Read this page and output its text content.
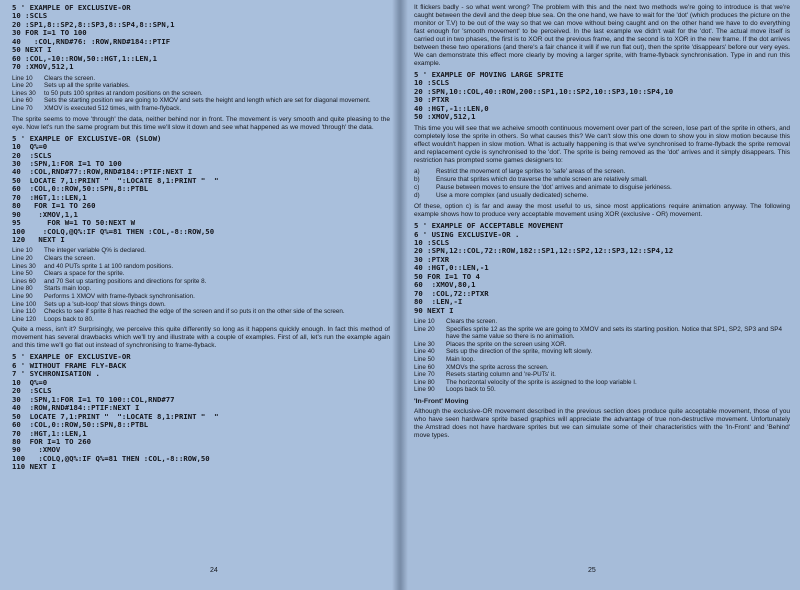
5 ' EXAMPLE OF EXCLUSIVE-OR
10 :SCLS
20 :SP1,8::SP2,8::SP3,8::SP4,8::SPN,1
30 FOR I=1 TO 100
40   :COL,RND#76: :ROW,RND#184::PTIF
50 NEXT I
60 :COL,-10::ROW,50::HGT,1::LEN,1
70 :XMOV,512,1
Line 10	Clears the screen.
Line 20	Sets up all the sprite variables.
Lines 30	to 50 puts 100 sprites at random positions on the screen.
Line 60	Sets the starting position we are going to XMOV and sets the height and length which are set for diagonal movement.
Line 70	XMOV is executed 512 times, with frame-flyback.

The sprite seems to move 'through' the data, neither behind nor in front. The movement is very smooth and quite pleasing to the eye. Now let's run the same program but this time we'll slow it down and see what happened as we moved 'through' the data.

5 ' EXAMPLE OF EXCLUSIVE-OR (SLOW)
10  Q%=0
20  :SCLS
30  :SPN,1:FOR I=1 TO 100
40  :COL,RND#77::ROW,RND#184::PTIF:NEXT I
50  LOCATE 7,1:PRINT "  ":LOCATE 8,1:PRINT "  "
60  :COL,0::ROW,50::SPN,8::PTBL
70  :HGT,1::LEN,1
80   FOR I=1 TO 260
90    :XMOV,1,1
95      FOR W=1 TO 50:NEXT W
100    :COLQ,@Q%:IF Q%=81 THEN :COL,-8::ROW,50
120   NEXT I
Line 10	The integer variable Q% is declared.
Line 20	Clears the screen.
Lines 30	and 40 PUTs sprite 1 at 100 random positions.
Line 50	Clears a space for the sprite.
Lines 60	and 70 Set up starting positions and directions for sprite 8.
Line 80	Starts main loop.
Line 90	Performs 1 XMOV with frame-flyback synchronisation.
Line 100	Sets up a 'sub-loop' that slows things down.
Line 110	Checks to see if sprite 8 has reached the edge of the screen and if so puts it on the other side of the screen.
Line 120	Loops back to 80.

Quite a mess, isn't it? Surprisingly, we perceive this quite differently so long as it happens quickly enough. In fact this method of movement has several drawbacks which we'll try and illustrate with a couple of examples. First of all, let's run the example again and this time we'll go flat out instead of synchronising to frame-flyback.

5 ' EXAMPLE OF EXCLUSIVE-OR
6 ' WITHOUT FRAME FLY-BACK
7 ' SYCHRONISATION .
10  Q%=0
20  :SCLS
30  :SPN,1:FOR I=1 TO 100::COL,RND#77
40  :ROW,RND#184::PTIF:NEXT I
50  LOCATE 7,1:PRINT "  ":LOCATE 8,1:PRINT "  "
60  :COL,0::ROW,50::SPN,8::PTBL
70  :HGT,1::LEN,1
80  FOR I=1 TO 260
90    :XMOV
100   :COLQ,@Q%:IF Q%=81 THEN :COL,-8::ROW,50
110 NEXT I
24

It flickers badly - so what went wrong? The problem with this and the next two methods we're going to introduce is that we're caught between the devil and the deep blue sea. On the one hand, we have to wait for the 'dot' (which produces the picture on the monitor or T.V) to be out of the way so that we can move without being caught and on the other hand we have to do everything fast enough for 'smooth movement' to be perceived. In the last example we didn't wait for the 'dot'. The actual move itself is carried out in two phases, the first is to XOR out the previous frame, and the second is to XOR in the new frame. If the dot arrives between these two operations (and there's a fair chance it will if we run flat out), then the sprite 'disappears' before our very eyes. We can demonstrate this effect more clearly by moving a larger sprite, with frame-flyback synchronisation. Type in and run this example.

5 ' EXAMPLE OF MOVING LARGE SPRITE
10 :SCLS
20 :SPN,10::COL,40::ROW,200::SP1,10::SP2,10::SP3,10::SP4,10
30 :PTXR
40 :HGT,-1::LEN,0
50 :XMOV,512,1

This time you will see that we acheive smooth continuous movement over part of the screen, lose part of the sprite in others, and completely lose the sprite in others. So what causes this? We can't slow this one down to show you in slow motion because this effect wouldn't happen in slow motion. What is actually happening is that we've synchronised to frame-flyback the sprite removal and replacement cycle is synchronised to the 'dot'. The sprite is being removed as the 'dot' arrives and it simply disappears. This restriction has prompted some games designers to:

a)	Restrict the movement of large sprites to 'safe' areas of the screen.
b)	Ensure that sprites which do traverse the whole screen are relatively small.
c)	Pause between moves to ensure the 'dot' arrives and animate to disguise jerkiness.
d)	Use a more complex (and usually dedicated) scheme.

Of these, option c) is far and away the most useful to us, since most applications require animation anyway. The following example shows how to produce very acceptable movement using XOR (exclusive - OR) movement.

5 ' EXAMPLE OF ACCEPTABLE MOVEMENT
6 ' USING EXCLUSIVE-OR .
10 :SCLS
20 :SPN,12::COL,72::ROW,182::SP1,12::SP2,12::SP3,12::SP4,12
30 :PTXR
40 :HGT,0::LEN,-1
50 FOR I=1 TO 4
60  :XMOV,80,1
70  :COL,72::PTXR
80  :LEN,-I
90 NEXT I
Line 10	Clears the screen.
Line 20	Specifies sprite 12 as the sprite we are going to XMOV and sets its starting position. Notice that SP1, SP2, SP3 and SP4 have the same value so there is no animation.
Line 30	Places the sprite on the screen using XOR.
Line 40	Sets up the direction of the sprite, moving left slowly.
Line 50	Main loop.
Line 60	XMOVs the sprite across the screen.
Line 70	Resets starting column and 're-PUTs' it.
Line 80	The horizontal velocity of the sprite is assigned to the loop variable I.
Line 90	Loops back to 50.
'In-Front' Moving

Although the exclusive-OR movement described in the previous section does produce quite acceptable movement, those of you who have seen hardware sprite based graphics will appreciate the advantage of true non-destructive movement. Unfortunately the Amstrad does not have hardware sprites but we can simulate some of their characteristics with the 'In-Front' and 'Behind' move types.

25
